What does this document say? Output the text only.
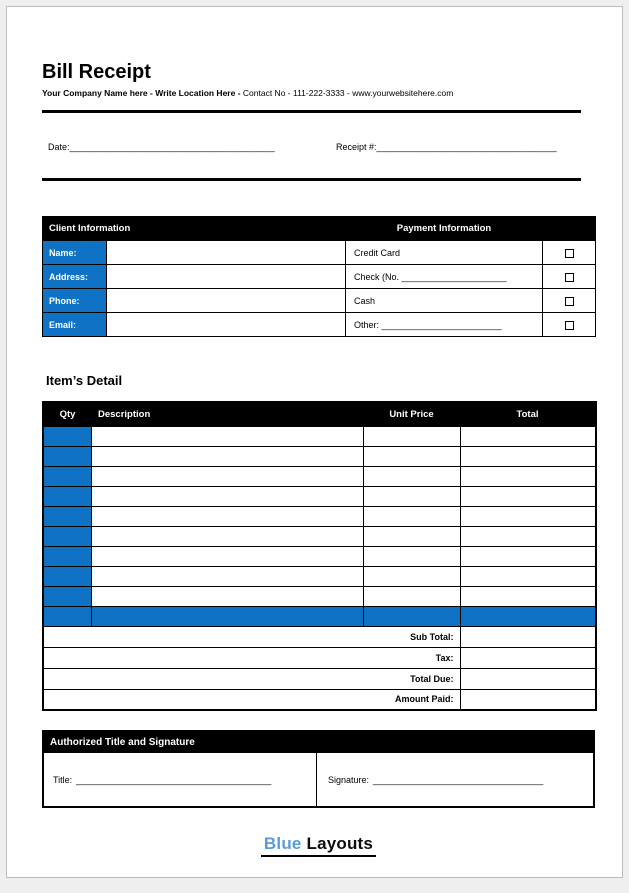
Bill Receipt
Your Company Name here - Write Location Here - Contact No - 111-222-3333 - www.yourwebsitehere.com
Date:_________________________________________	Receipt #:____________________________________
Client Information		Payment Information	
Name:		Credit Card	
Address:		Check (No. _____________________	
Phone:		Cash	
Email:		Other: ________________________	
Item’s Detail
Qty	Description	Unit Price	Total

Sub Total:			
Tax:			
Total Due:			
Amount Paid:			
Authorized Title and Signature
Title: _______________________________________	Signature: __________________________________
Blue Layouts
